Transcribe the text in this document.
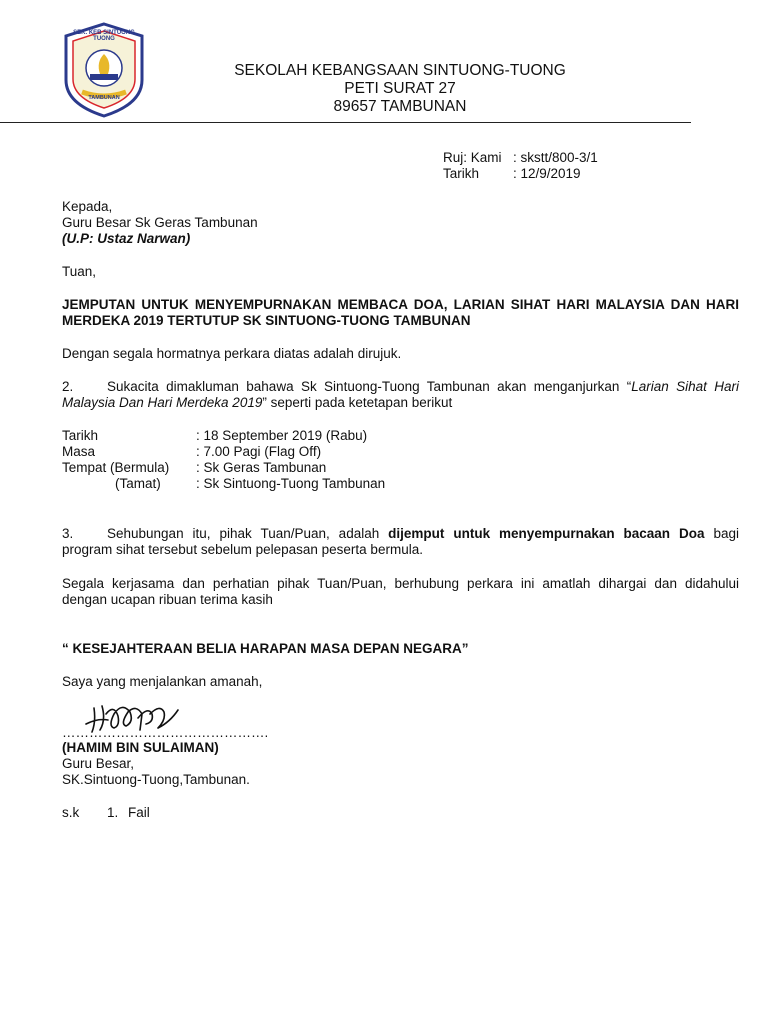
SEK. KEB SINTUONG TUONG
TAMBUNAN
SEKOLAH KEBANGSAAN SINTUONG-TUONG
PETI SURAT 27
89657 TAMBUNAN
Ruj: Kami : skstt/800-3/1
Tarikh	: 12/9/2019
Kepada,
Guru Besar Sk Geras Tambunan
(U.P: Ustaz Narwan)
Tuan,
JEMPUTAN UNTUK MENYEMPURNAKAN MEMBACA DOA, LARIAN SIHAT HARI MALAYSIA DAN HARI
MERDEKA 2019 TERTUTUP SK SINTUONG-TUONG TAMBUNAN
Dengan segala hormatnya perkara diatas adalah dirujuk.
2. Sukacita dimakluman bahawa Sk Sintuong-Tuong Tambunan akan menganjurkan “Larian Sihat Hari
Malaysia Dan Hari Merdeka 2019” seperti pada ketetapan berikut
Tarikh	: 18 September 2019 (Rabu)
Masa	: 7.00 Pagi (Flag Off)
Tempat (Bermula) : Sk Geras Tambunan
(Tamat)	: Sk Sintuong-Tuong Tambunan
3. Sehubungan itu, pihak Tuan/Puan, adalah dijemput untuk menyempurnakan bacaan Doa bagi
program sihat tersebut sebelum pelepasan peserta bermula.
Segala kerjasama dan perhatian pihak Tuan/Puan, berhubung perkara ini amatlah dihargai dan didahului
dengan ucapan ribuan terima kasih
“ KESEJAHTERAAN BELIA HARAPAN MASA DEPAN NEGARA”
Saya yang menjalankan amanah,
……………………………………….
(HAMIM BIN SULAIMAN)
Guru Besar,
SK.Sintuong-Tuong,Tambunan.
s.k 1. Fail
